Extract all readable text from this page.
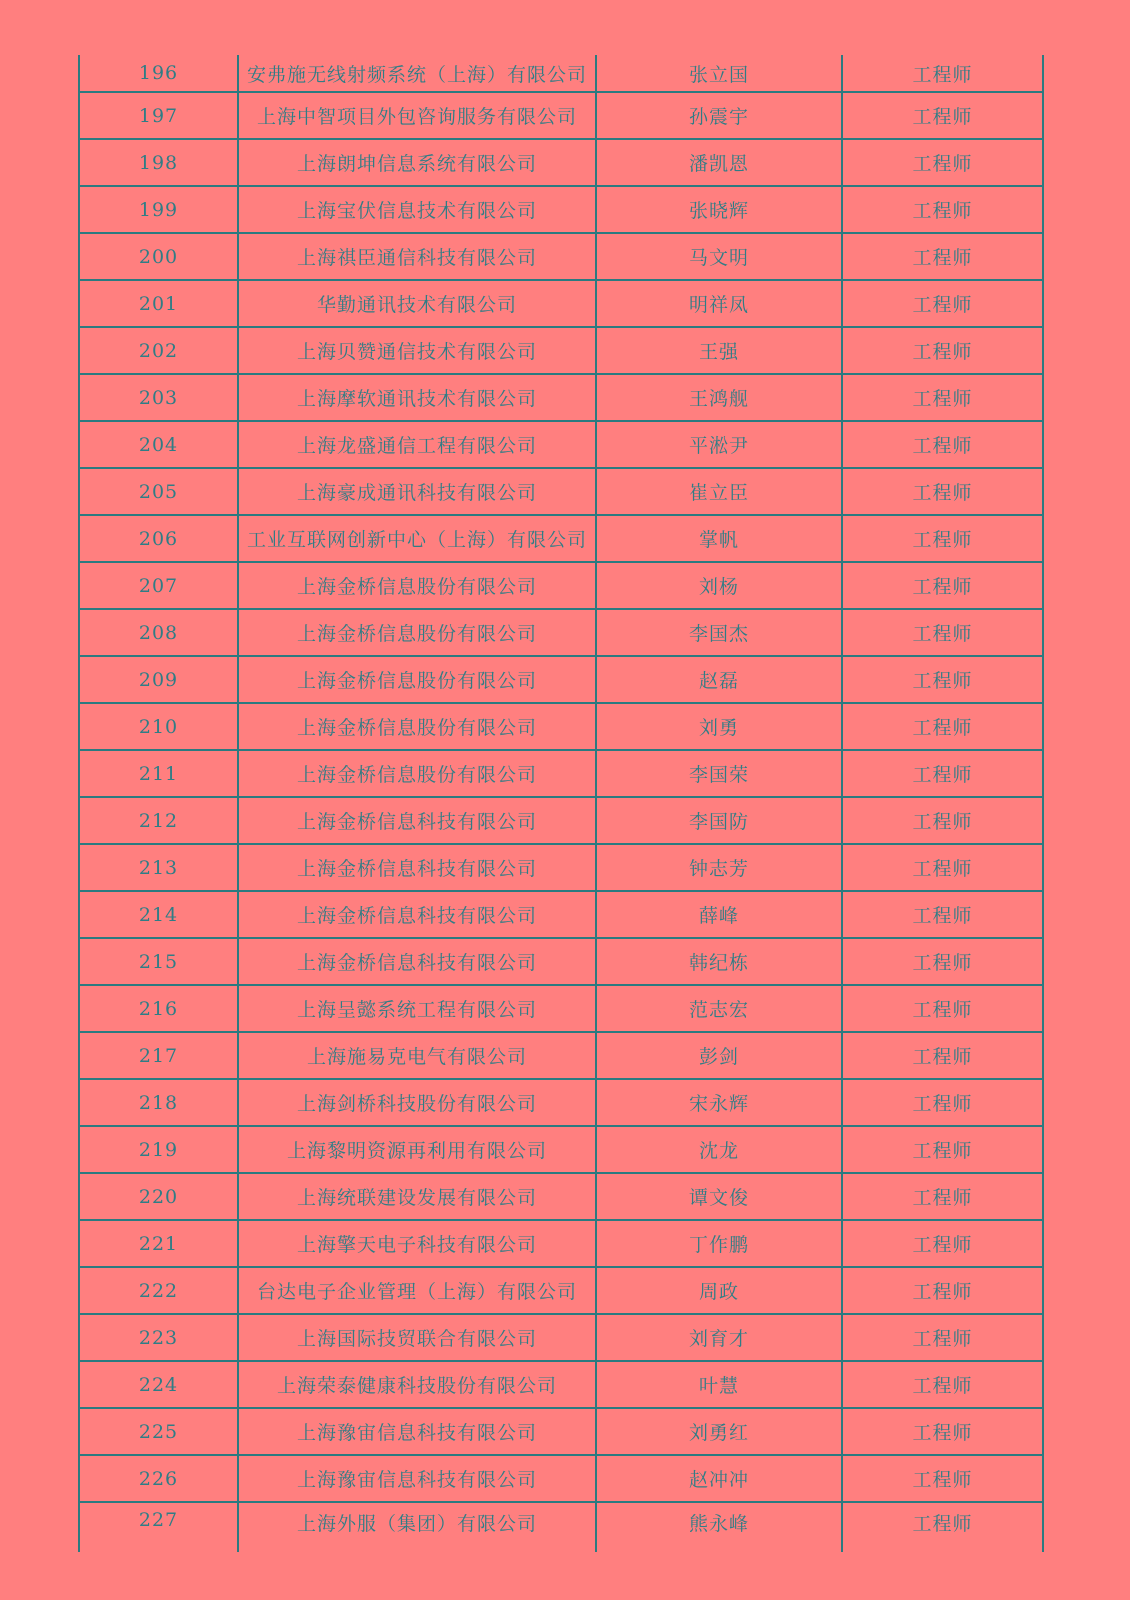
196	安弗施无线射频系统（上海）有限公司	张立国	工程师
197	上海中智项目外包咨询服务有限公司	孙震宇	工程师
198	上海朗坤信息系统有限公司	潘凯恩	工程师
199	上海宝伏信息技术有限公司	张晓辉	工程师
200	上海祺臣通信科技有限公司	马文明	工程师
201	华勤通讯技术有限公司	明祥凤	工程师
202	上海贝赞通信技术有限公司	王强	工程师
203	上海摩软通讯技术有限公司	王鸿舰	工程师
204	上海龙盛通信工程有限公司	平淞尹	工程师
205	上海豪成通讯科技有限公司	崔立臣	工程师
206	工业互联网创新中心（上海）有限公司	掌帆	工程师
207	上海金桥信息股份有限公司	刘杨	工程师
208	上海金桥信息股份有限公司	李国杰	工程师
209	上海金桥信息股份有限公司	赵磊	工程师
210	上海金桥信息股份有限公司	刘勇	工程师
211	上海金桥信息股份有限公司	李国荣	工程师
212	上海金桥信息科技有限公司	李国防	工程师
213	上海金桥信息科技有限公司	钟志芳	工程师
214	上海金桥信息科技有限公司	薛峰	工程师
215	上海金桥信息科技有限公司	韩纪栋	工程师
216	上海呈懿系统工程有限公司	范志宏	工程师
217	上海施易克电气有限公司	彭剑	工程师
218	上海剑桥科技股份有限公司	宋永辉	工程师
219	上海黎明资源再利用有限公司	沈龙	工程师
220	上海统联建设发展有限公司	谭文俊	工程师
221	上海擎天电子科技有限公司	丁作鹏	工程师
222	台达电子企业管理（上海）有限公司	周政	工程师
223	上海国际技贸联合有限公司	刘育才	工程师
224	上海荣泰健康科技股份有限公司	叶慧	工程师
225	上海豫宙信息科技有限公司	刘勇红	工程师
226	上海豫宙信息科技有限公司	赵冲冲	工程师
227	上海外服（集团）有限公司	熊永峰	工程师
